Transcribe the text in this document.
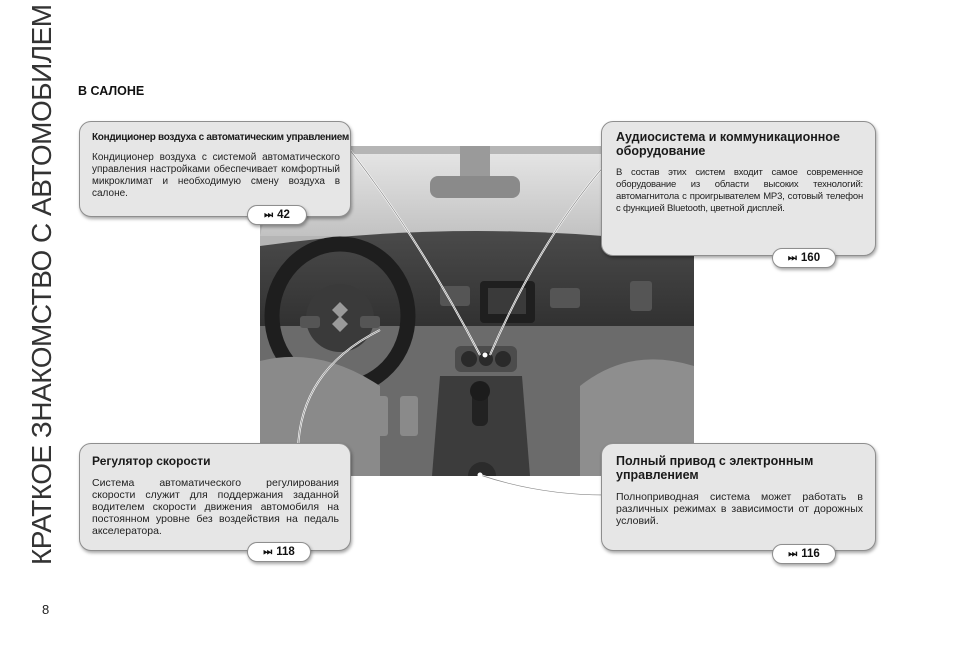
КРАТКОЕ ЗНАКОМСТВО С АВТОМОБИЛЕМ
8
В САЛОНЕ
Кондиционер воздуха с автоматическим управлением
Кондиционер воздуха с системой автоматического управления настройками обеспечивает комфортный микроклимат и необходимую смену воздуха в салоне.
⏭ 42
Аудиосистема и коммуникационное оборудование
В состав этих систем входит самое современное оборудование из области высоких технологий: автомагнитола с проигрывателем MP3, сотовый телефон с функцией Bluetooth, цветной дисплей.
⏭ 160
Регулятор скорости
Система автоматического регулирования скорости служит для поддержания заданной водителем скорости движения автомобиля на постоянном уровне без воздействия на педаль акселератора.
⏭ 118
Полный привод с электронным управлением
Полноприводная система может работать в различных режимах в зависимости от дорожных условий.
⏭ 116
